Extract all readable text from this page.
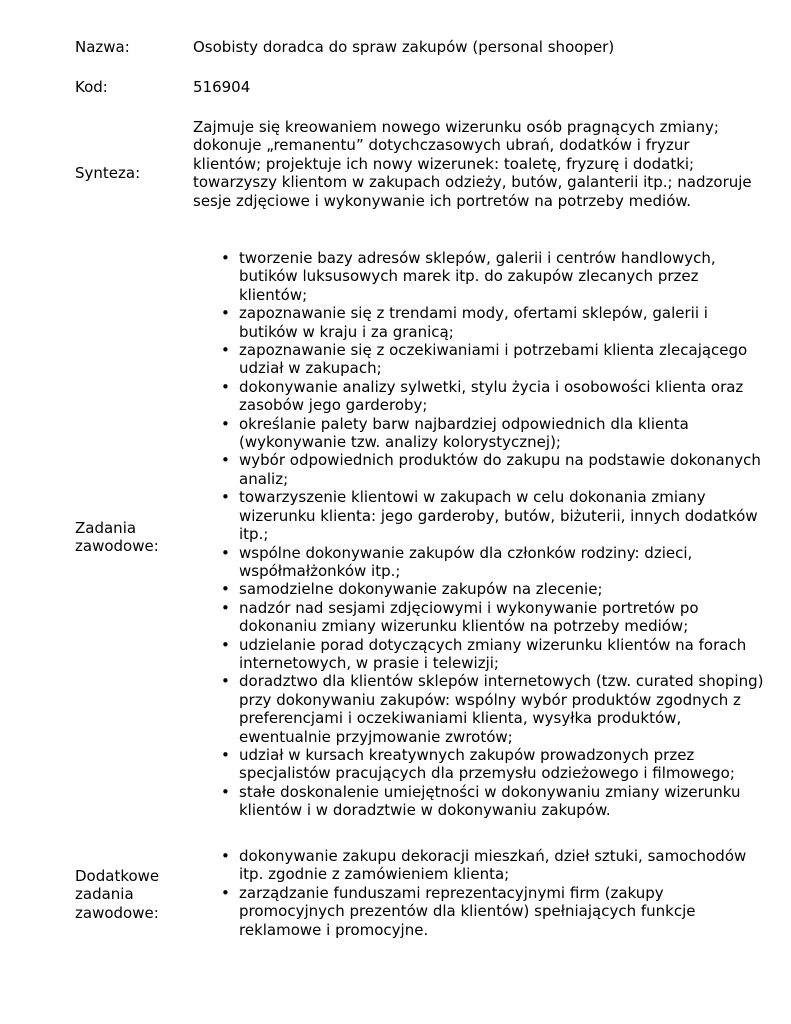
Nazwa:	Osobisty doradca do spraw zakupów (personal shooper)
Kod:	516904
Synteza:

Zajmuje się kreowaniem nowego wizerunku osób pragnących zmiany; dokonuje „remanentu” dotychczasowych ubrań, dodatków i fryzur klientów; projektuje ich nowy wizerunek: toaletę, fryzurę i dodatki; towarzyszy klientom w zakupach odzieży, butów, galanterii itp.; nadzoruje sesje zdjęciowe i wykonywanie ich portretów na potrzeby mediów.

Zadania
zawodowe:
• tworzenie bazy adresów sklepów, galerii i centrów handlowych, butików luksusowych marek itp. do zakupów zlecanych przez klientów;
• zapoznawanie się z trendami mody, ofertami sklepów, galerii i butików w kraju i za granicą;
• zapoznawanie się z oczekiwaniami i potrzebami klienta zlecającego udział w zakupach;
• dokonywanie analizy sylwetki, stylu życia i osobowości klienta oraz zasobów jego garderoby;
• określanie palety barw najbardziej odpowiednich dla klienta (wykonywanie tzw. analizy kolorystycznej);
• wybór odpowiednich produktów do zakupu na podstawie dokonanych analiz;
• towarzyszenie klientowi w zakupach w celu dokonania zmiany wizerunku klienta: jego garderoby, butów, biżuterii, innych dodatków itp.;
• wspólne dokonywanie zakupów dla członków rodziny: dzieci, współmałżonków itp.;
• samodzielne dokonywanie zakupów na zlecenie;
• nadzór nad sesjami zdjęciowymi i wykonywanie portretów po dokonaniu zmiany wizerunku klientów na potrzeby mediów;
• udzielanie porad dotyczących zmiany wizerunku klientów na forach internetowych, w prasie i telewizji;
• doradztwo dla klientów sklepów internetowych (tzw. curated shoping) przy dokonywaniu zakupów: wspólny wybór produktów zgodnych z preferencjami i oczekiwaniami klienta, wysyłka produktów, ewentualnie przyjmowanie zwrotów;
• udział w kursach kreatywnych zakupów prowadzonych przez specjalistów pracujących dla przemysłu odzieżowego i filmowego;
• stałe doskonalenie umiejętności w dokonywaniu zmiany wizerunku klientów i w doradztwie w dokonywaniu zakupów.
Dodatkowe
zadania
zawodowe:
• dokonywanie zakupu dekoracji mieszkań, dzieł sztuki, samochodów itp. zgodnie z zamówieniem klienta;
• zarządzanie funduszami reprezentacyjnymi firm (zakupy promocyjnych prezentów dla klientów) spełniających funkcje reklamowe i promocyjne.
